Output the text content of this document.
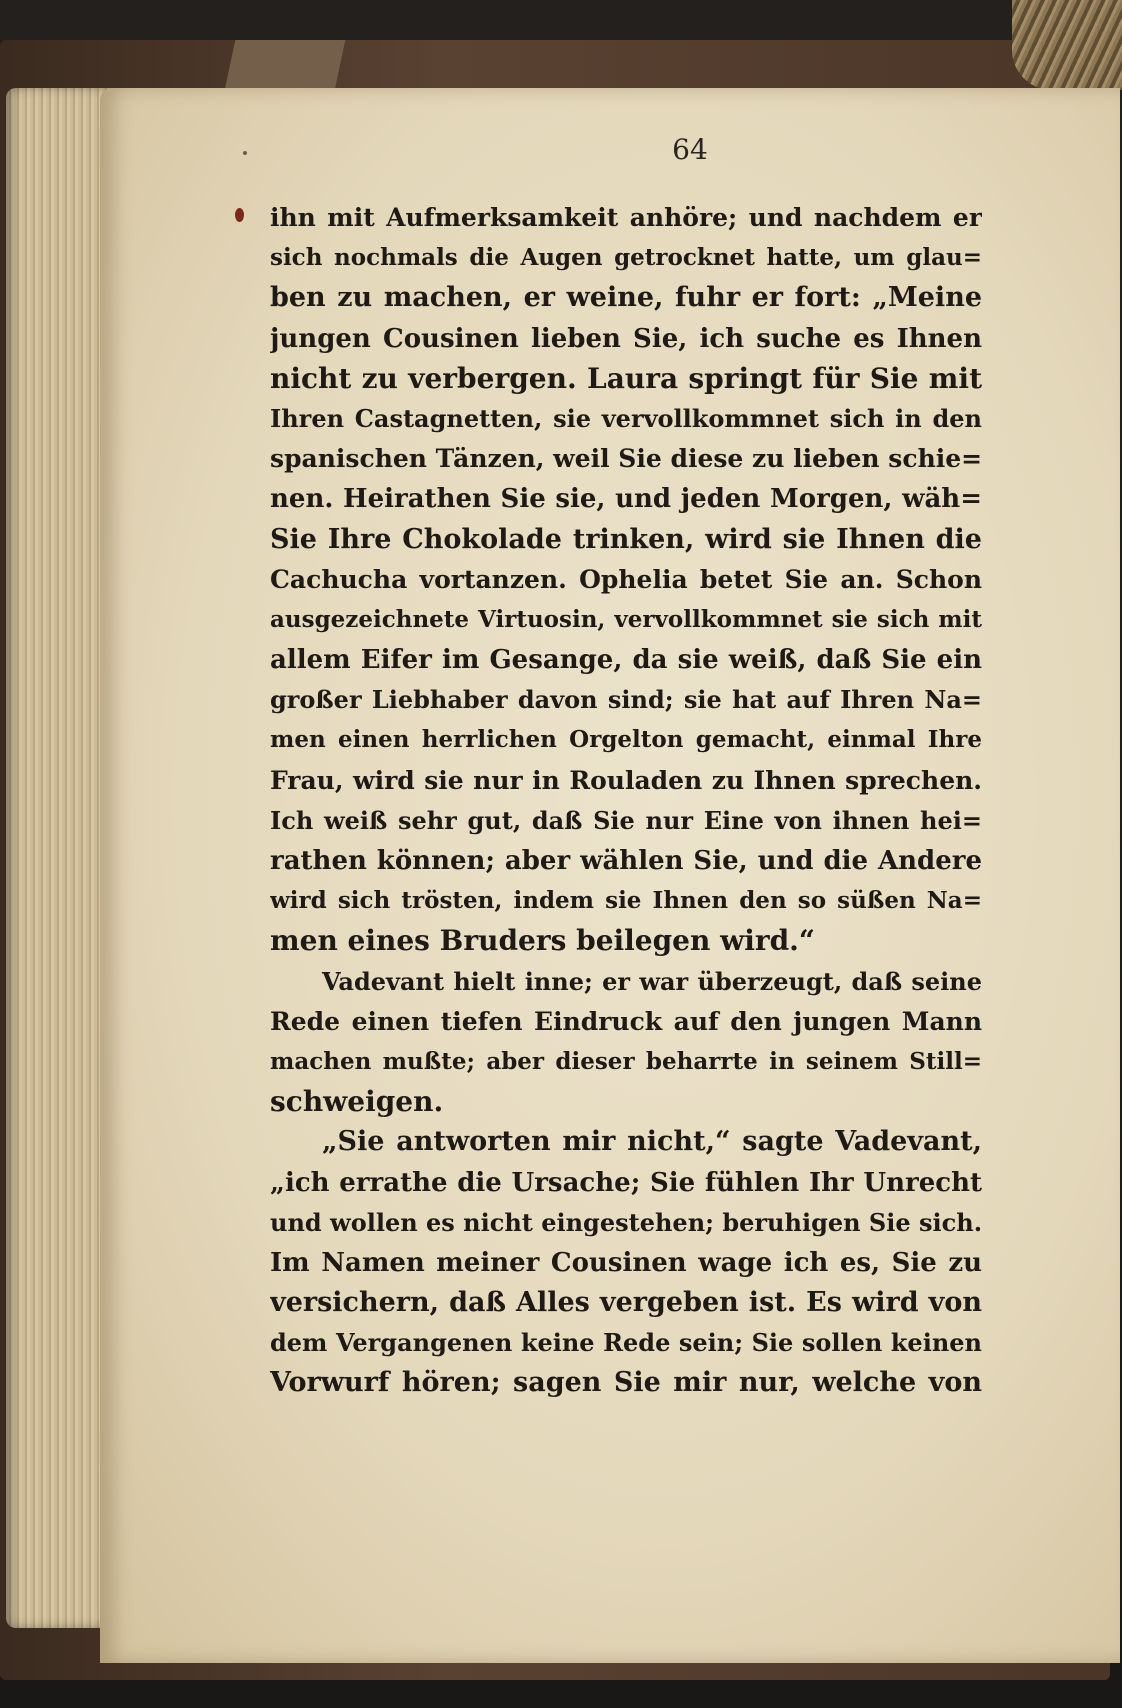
64
ihn mit Aufmerksamkeit anhöre; und nachdem er
sich nochmals die Augen getrocknet hatte, um glau=
ben zu machen, er weine, fuhr er fort: „Meine
jungen Cousinen lieben Sie, ich suche es Ihnen
nicht zu verbergen. Laura springt für Sie mit
Ihren Castagnetten, sie vervollkommnet sich in den
spanischen Tänzen, weil Sie diese zu lieben schie=
nen. Heirathen Sie sie, und jeden Morgen, wäh=
Sie Ihre Chokolade trinken, wird sie Ihnen die
Cachucha vortanzen. Ophelia betet Sie an. Schon
ausgezeichnete Virtuosin, vervollkommnet sie sich mit
allem Eifer im Gesange, da sie weiß, daß Sie ein
großer Liebhaber davon sind; sie hat auf Ihren Na=
men einen herrlichen Orgelton gemacht, einmal Ihre
Frau, wird sie nur in Rouladen zu Ihnen sprechen.
Ich weiß sehr gut, daß Sie nur Eine von ihnen hei=
rathen können; aber wählen Sie, und die Andere
wird sich trösten, indem sie Ihnen den so süßen Na=
men eines Bruders beilegen wird.“
Vadevant hielt inne; er war überzeugt, daß seine
Rede einen tiefen Eindruck auf den jungen Mann
machen mußte; aber dieser beharrte in seinem Still=
schweigen.
„Sie antworten mir nicht,“ sagte Vadevant,
„ich errathe die Ursache; Sie fühlen Ihr Unrecht
und wollen es nicht eingestehen; beruhigen Sie sich.
Im Namen meiner Cousinen wage ich es, Sie zu
versichern, daß Alles vergeben ist. Es wird von
dem Vergangenen keine Rede sein; Sie sollen keinen
Vorwurf hören; sagen Sie mir nur, welche von
